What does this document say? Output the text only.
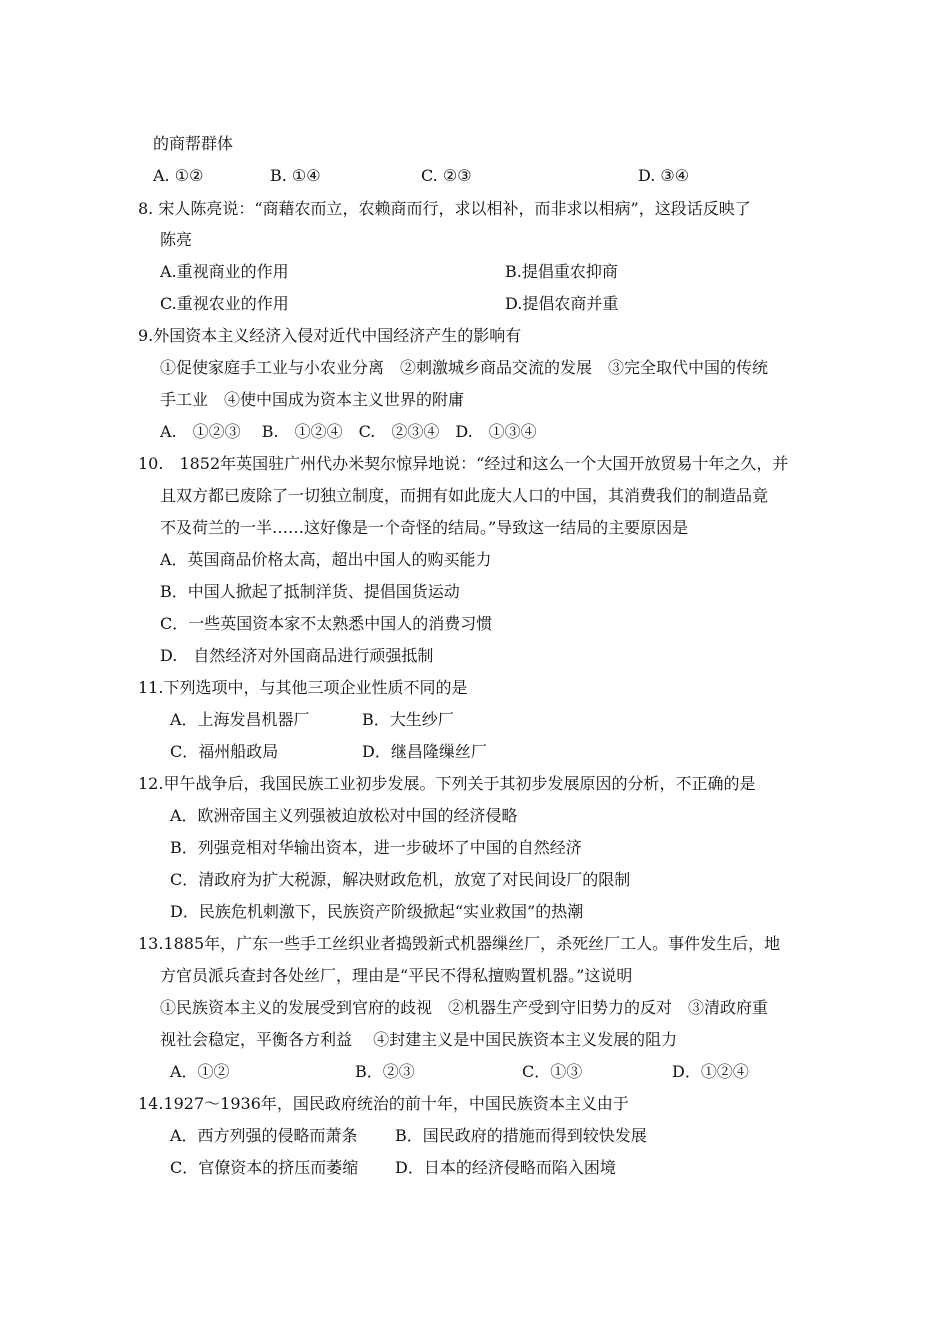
的商帮群体
A. ①②	B. ①④	C. ②③	D. ③④
8. 宋人陈亮说：“商藉农而立，农赖商而行，求以相补，而非求以相病”，这段话反映了
陈亮
A.重视商业的作用	B.提倡重农抑商
C.重视农业的作用	D.提倡农商并重
9.外国资本主义经济入侵对近代中国经济产生的影响有
①促使家庭手工业与小农业分离　②刺激城乡商品交流的发展　③完全取代中国的传统
手工业　④使中国成为资本主义世界的附庸
A.　①②③　 B.　①②④　C.　②③④　D.　①③④
10.　1852年英国驻广州代办米契尔惊异地说：“经过和这么一个大国开放贸易十年之久，并
且双方都已废除了一切独立制度，而拥有如此庞大人口的中国，其消费我们的制造品竟
不及荷兰的一半……这好像是一个奇怪的结局。”导致这一结局的主要原因是
A．英国商品价格太高，超出中国人的购买能力
B．中国人掀起了抵制洋货、提倡国货运动
C．一些英国资本家不太熟悉中国人的消费习惯
D.　自然经济对外国商品进行顽强抵制
11.下列选项中，与其他三项企业性质不同的是
A．上海发昌机器厂	B．大生纱厂
C．福州船政局	D．继昌隆缫丝厂
12.甲午战争后，我国民族工业初步发展。下列关于其初步发展原因的分析，不正确的是
A．欧洲帝国主义列强被迫放松对中国的经济侵略
B．列强竞相对华输出资本，进一步破坏了中国的自然经济
C．清政府为扩大税源，解决财政危机，放宽了对民间设厂的限制
D．民族危机刺激下，民族资产阶级掀起“实业救国”的热潮
13.1885年，广东一些手工丝织业者捣毁新式机器缫丝厂，杀死丝厂工人。事件发生后，地
方官员派兵查封各处丝厂，理由是“平民不得私擅购置机器。”这说明
①民族资本主义的发展受到官府的歧视　②机器生产受到守旧势力的反对　③清政府重
视社会稳定，平衡各方利益　 ④封建主义是中国民族资本主义发展的阻力
A．①②	B．②③	C．①③	D．①②④
14.1927～1936年，国民政府统治的前十年，中国民族资本主义由于
A．西方列强的侵略而萧条 B．国民政府的措施而得到较快发展
C．官僚资本的挤压而萎缩 D．日本的经济侵略而陷入困境
